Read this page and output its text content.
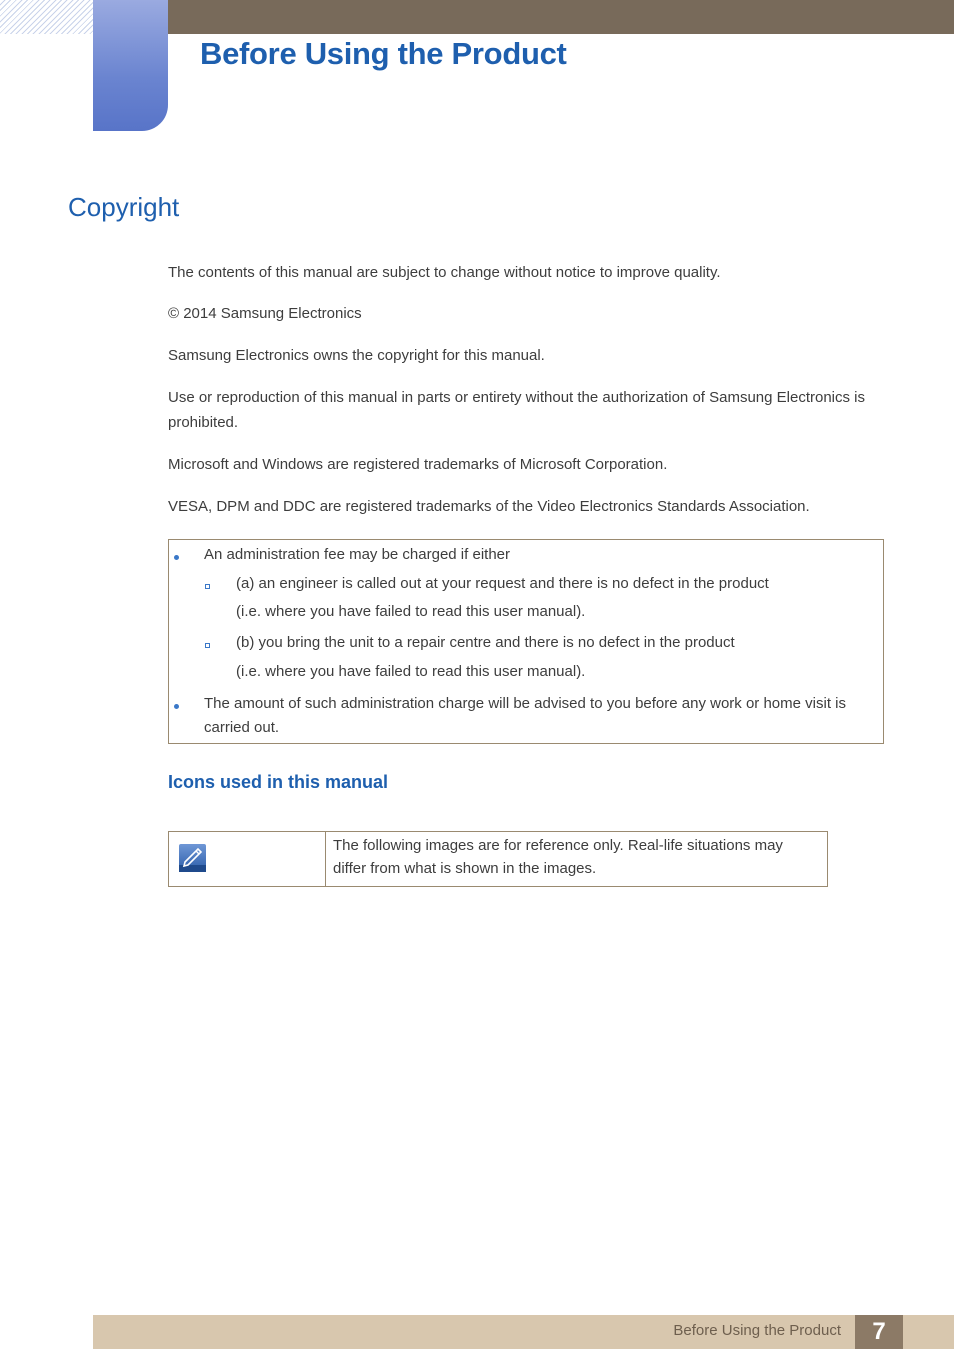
Before Using the Product
Copyright

The contents of this manual are subject to change without notice to improve quality.

© 2014 Samsung Electronics

Samsung Electronics owns the copyright for this manual.

Use or reproduction of this manual in parts or entirety without the authorization of Samsung Electronics is prohibited.

Microsoft and Windows are registered trademarks of Microsoft Corporation.

VESA, DPM and DDC are registered trademarks of the Video Electronics Standards Association.

An administration fee may be charged if either

(a) an engineer is called out at your request and there is no defect in the product

(i.e. where you have failed to read this user manual).

(b) you bring the unit to a repair centre and there is no defect in the product

(i.e. where you have failed to read this user manual).

The amount of such administration charge will be advised to you before any work or home visit is carried out.

Icons used in this manual

The following images are for reference only. Real-life situations may differ from what is shown in the images.

Before Using the Product	7
